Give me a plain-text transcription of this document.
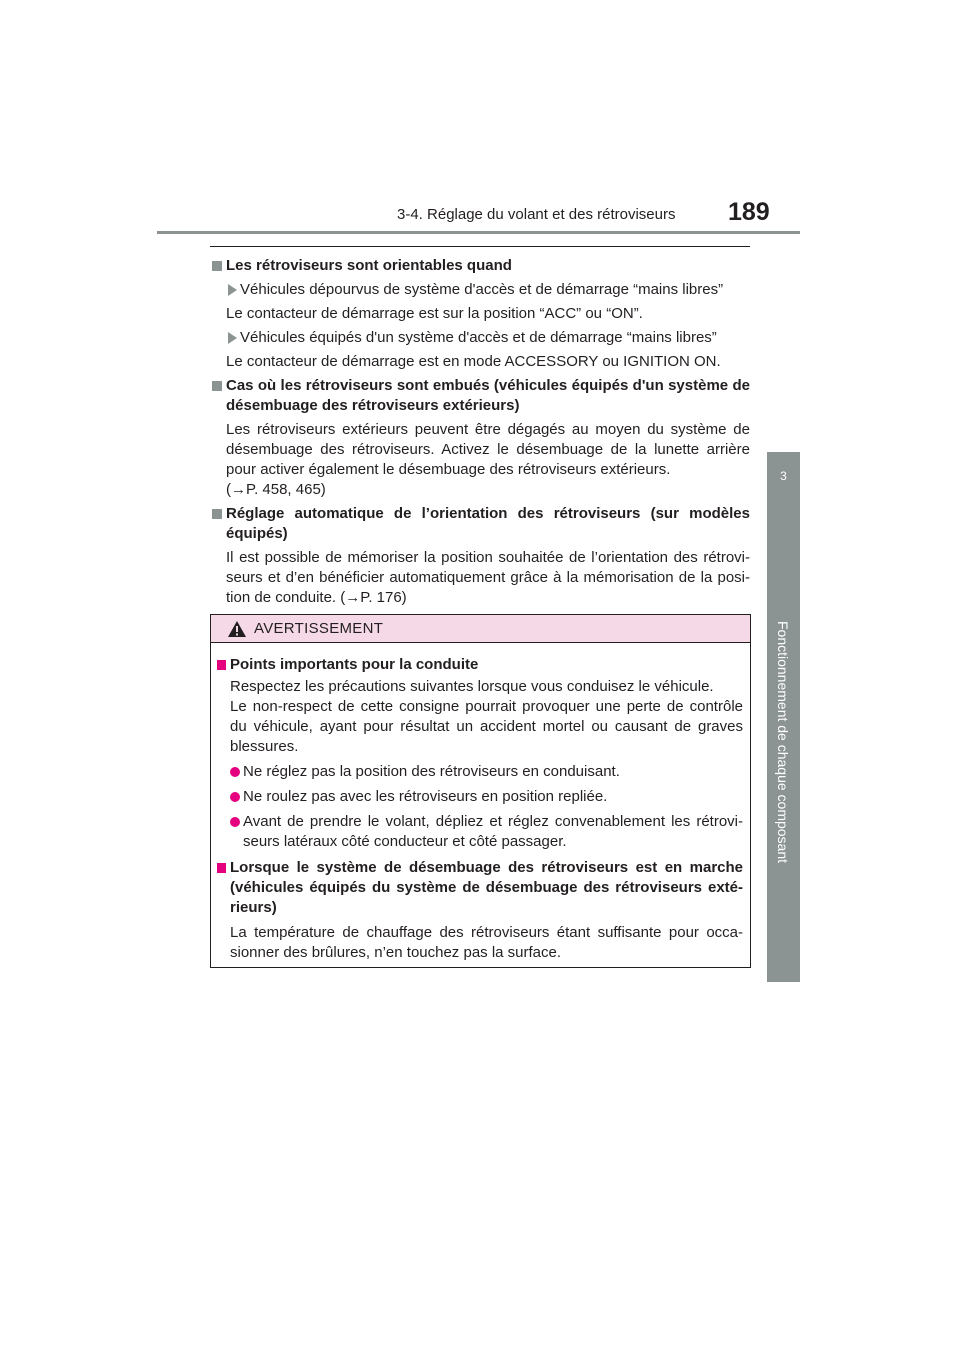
3-4. Réglage du volant et des rétroviseurs 189
3
Fonctionnement de chaque composant
Les rétroviseurs sont orientables quand
Véhicules dépourvus de système d'accès et de démarrage “mains libres”
Le contacteur de démarrage est sur la position “ACC” ou “ON”.
Véhicules équipés d'un système d'accès et de démarrage “mains libres”
Le contacteur de démarrage est en mode ACCESSORY ou IGNITION ON.
Cas où les rétroviseurs sont embués (véhicules équipés d'un système de désembuage des rétroviseurs extérieurs)
Les rétroviseurs extérieurs peuvent être dégagés au moyen du système de désembuage des rétroviseurs. Activez le désembuage de la lunette arrière pour activer également le désembuage des rétroviseurs extérieurs.
(→P. 458, 465)
Réglage automatique de l’orientation des rétroviseurs (sur modèles équipés)
Il est possible de mémoriser la position souhaitée de l’orientation des rétrovi-seurs et d’en bénéficier automatiquement grâce à la mémorisation de la posi-tion de conduite. (→P. 176)
AVERTISSEMENT
Points importants pour la conduite
Respectez les précautions suivantes lorsque vous conduisez le véhicule.
Le non-respect de cette consigne pourrait provoquer une perte de contrôle du véhicule, ayant pour résultat un accident mortel ou causant de graves blessures.
Ne réglez pas la position des rétroviseurs en conduisant.
Ne roulez pas avec les rétroviseurs en position repliée.
Avant de prendre le volant, dépliez et réglez convenablement les rétrovi-seurs latéraux côté conducteur et côté passager.
Lorsque le système de désembuage des rétroviseurs est en marche (véhicules équipés du système de désembuage des rétroviseurs exté-rieurs)
La température de chauffage des rétroviseurs étant suffisante pour occa-sionner des brûlures, n’en touchez pas la surface.
